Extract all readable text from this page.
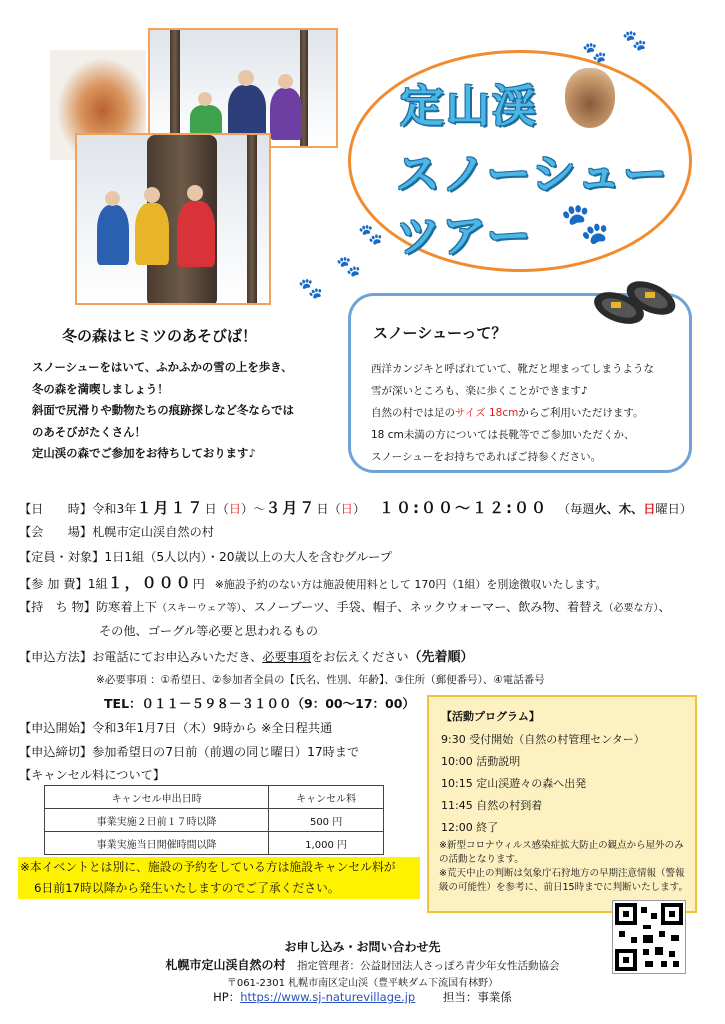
定山渓
スノーシュー
ツアー
🐾 🐾
🐾
🐾
🐾
🐾
冬の森はヒミツのあそびば！
スノーシューをはいて、ふかふかの雪の上を歩き、
冬の森を満喫しましょう！
斜面で尻滑りや動物たちの痕跡探しなど冬ならでは
のあそびがたくさん！
定山渓の森でご参加をお待ちしております♪
スノーシューって？
西洋カンジキと呼ばれていて、靴だと埋まってしまうような
雪が深いところも、楽に歩くことができます♪
自然の村では足のサイズ 18cmからご利用いただけます。
18 cm未満の方については長靴等でご参加いただくか、
スノーシューをお持ちであればご持参ください。
【日　　時】令和3年１月１７日（日）～３月７日（日） １０:００～１２:００ （毎週火、木、日曜日）
【会　　場】札幌市定山渓自然の村
【定員・対象】1日1組（5人以内）・20歳以上の大人を含むグループ
【参 加 費】1組１，０００円 ※施設予約のない方は施設使用料として 170円（1組）を別途徴収いたします。
【持　ち 物】防寒着上下（スキーウェア等）、スノーブーツ、手袋、帽子、ネックウォーマー、飲み物、着替え（必要な方）、
その他、ゴーグル等必要と思われるもの
【申込方法】お電話にてお申込みいただき、必要事項をお伝えください（先着順）
※必要事項 ：①希望日、②参加者全員の【氏名、性別、年齢】、③住所（郵便番号）、④電話番号
TEL：０１１－５９８－３１００（9：00～17：00）
【申込開始】令和3年1月7日（木）9時から ※全日程共通
【申込締切】参加希望日の7日前（前週の同じ曜日）17時まで
【キャンセル料について】
キャンセル申出日時	キャンセル料
事業実施２日前１７時以降	500 円
事業実施当日開催時間以降	1,000 円
※本イベントとは別に、施設の予約をしている方は施設キャンセル料が
6日前17時以降から発生いたしますのでご了承ください。
【活動プログラム】
9:30 受付開始（自然の村管理センター）
10:00 活動説明
10:15 定山渓遊々の森へ出発
11:45 自然の村到着
12:00 終了
※新型コロナウィルス感染症拡大防止の観点から屋外のみの活動となります。
※荒天中止の判断は気象庁石狩地方の早期注意情報（警報級の可能性）を参考に、前日15時までに判断いたします。
お申し込み・お問い合わせ先
札幌市定山渓自然の村 指定管理者：公益財団法人さっぽろ青少年女性活動協会
〒061-2301 札幌市南区定山渓（豊平峡ダム下流国有林野）
HP：https://www.sj-naturevillage.jp 担当：事業係
